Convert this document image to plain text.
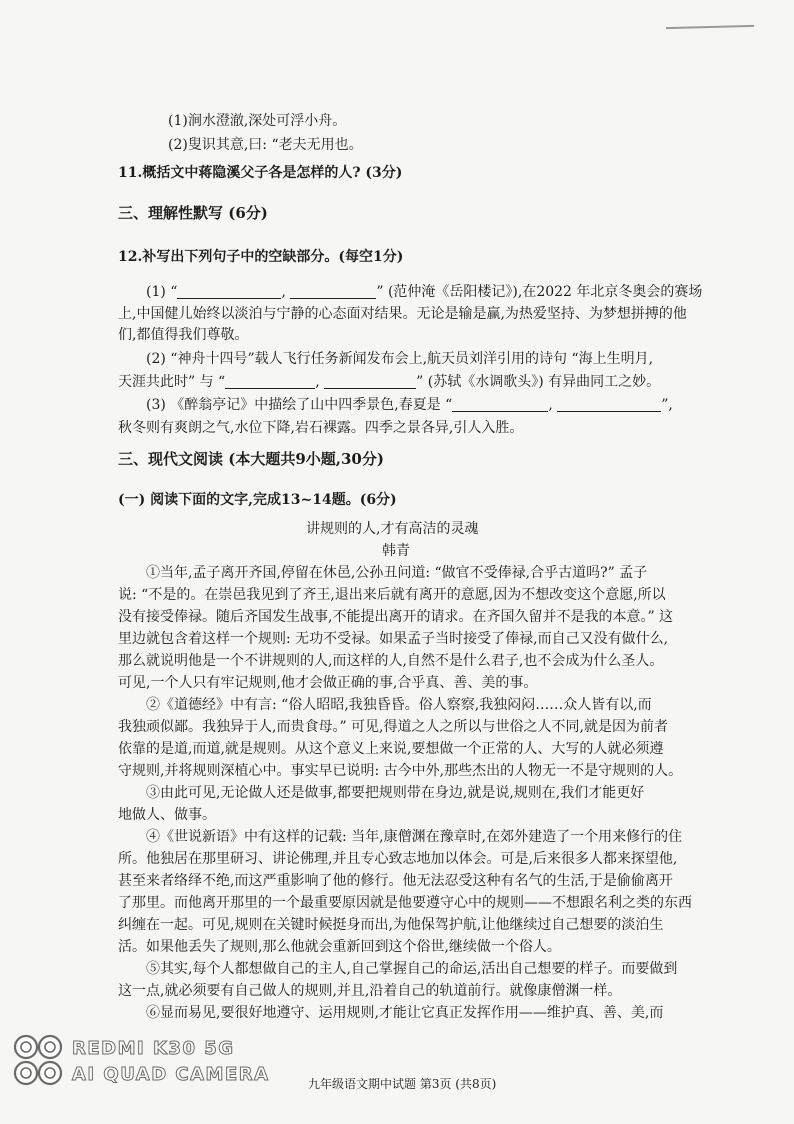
(1)涧水澄澈,深处可浮小舟。
(2)叟识其意,曰: “老夫无用也。
11.概括文中蒋隐溪父子各是怎样的人? (3分)
三、理解性默写 (6分)
12.补写出下列句子中的空缺部分。(每空1分)
(1) “	,	” (范仲淹《岳阳楼记》),在2022 年北京冬奥会的赛场
上,中国健儿始终以淡泊与宁静的心态面对结果。无论是输是赢,为热爱坚持、为梦想拼搏的他
们,都值得我们尊敬。
(2) “神舟十四号”载人飞行任务新闻发布会上,航天员刘洋引用的诗句 “海上生明月,
天涯共此时” 与 “	,	” (苏轼《水调歌头》) 有异曲同工之妙。
(3) 《醉翁亭记》中描绘了山中四季景色,春夏是 “	,	”,
秋冬则有爽朗之气,水位下降,岩石裸露。四季之景各异,引人入胜。
三、现代文阅读 (本大题共9小题,30分)
(一) 阅读下面的文字,完成13~14题。(6分)
讲规则的人,才有高洁的灵魂
韩青
①当年,孟子离开齐国,停留在休邑,公孙丑问道: “做官不受俸禄,合乎古道吗?” 孟子
说: “不是的。在崇邑我见到了齐王,退出来后就有离开的意愿,因为不想改变这个意愿,所以
没有接受俸禄。随后齐国发生战事,不能提出离开的请求。在齐国久留并不是我的本意。” 这
里边就包含着这样一个规则: 无功不受禄。如果孟子当时接受了俸禄,而自己又没有做什么,
那么就说明他是一个不讲规则的人,而这样的人,自然不是什么君子,也不会成为什么圣人。
可见,一个人只有牢记规则,他才会做正确的事,合乎真、善、美的事。
②《道德经》中有言: “俗人昭昭,我独昏昏。俗人察察,我独闷闷……众人皆有以,而
我独顽似鄙。我独异于人,而贵食母。” 可见,得道之人之所以与世俗之人不同,就是因为前者
依靠的是道,而道,就是规则。从这个意义上来说,要想做一个正常的人、大写的人就必须遵
守规则,并将规则深植心中。事实早已说明: 古今中外,那些杰出的人物无一不是守规则的人。
③由此可见,无论做人还是做事,都要把规则带在身边,就是说,规则在,我们才能更好
地做人、做事。
④《世说新语》中有这样的记载: 当年,康僧渊在豫章时,在郊外建造了一个用来修行的住
所。他独居在那里研习、讲论佛理,并且专心致志地加以体会。可是,后来很多人都来探望他,
甚至来者络绎不绝,而这严重影响了他的修行。他无法忍受这种有名气的生活,于是偷偷离开
了那里。而他离开那里的一个最重要原因就是他要遵守心中的规则——不想跟名利之类的东西
纠缠在一起。可见,规则在关键时候挺身而出,为他保驾护航,让他继续过自己想要的淡泊生
活。如果他丢失了规则,那么他就会重新回到这个俗世,继续做一个俗人。
⑤其实,每个人都想做自己的主人,自己掌握自己的命运,活出自己想要的样子。而要做到
这一点,就必须要有自己做人的规则,并且,沿着自己的轨道前行。就像康僧渊一样。
⑥显而易见,要很好地遵守、运用规则,才能让它真正发挥作用——维护真、善、美,而
九年级语文期中试题 第3页 (共8页)
REDMI K30 5G
AI QUAD CAMERA
